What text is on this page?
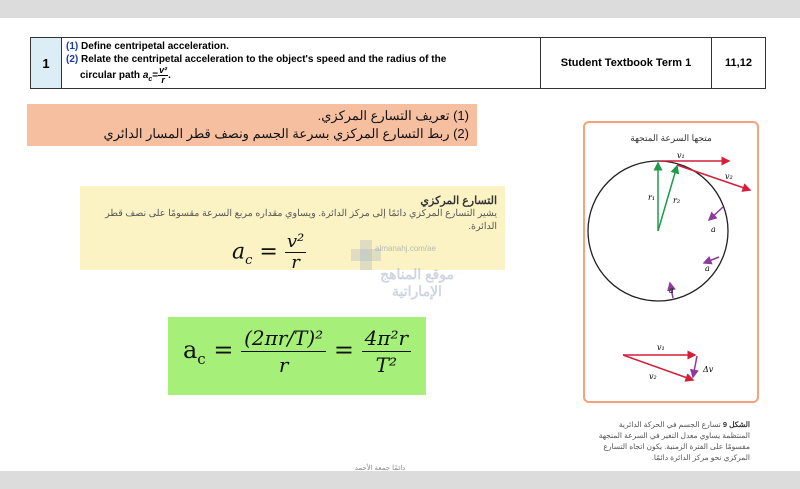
1	
(1) Define centripetal acceleration.
(2) Relate the centripetal acceleration to the object's speed and the radius of the
circular path $a_c= \frac{\text{v²}}{r}$ .
	Student Textbook Term 1	11,12
(1) تعريف التسارع المركزي.
(2) ربط التسارع المركزي بسرعة الجسم ونصف قطر المسار الدائري
التسارع المركزي
يشير التسارع المركزي دائمًا إلى مركز الدائرة. ويساوي مقداره مربع السرعة مقسومًا على نصف قطر الدائرة.
$a_c = \frac{\text{v²}}{r}$	almanahj.com/ae
موقع المناهج الإماراتية
$a_c = \frac{\text{(2πr/T)²}}{r} = \frac{\text{4π²r}}{\text{T²}}$
متجها السرعة المتجهة
v₁
v₂
r₁ r₂
a
a
a
v₁
v₂
Δv
الشكل 9 تسارع الجسم في الحركة الدائرية المنتظمة يساوي معدل التغير في السرعة المتجهة مقسومًا على الفترة الزمنية. يكون اتجاه التسارع المركزي نحو مركز الدائرة دائمًا.
دائمًا جمعة الأحمد
